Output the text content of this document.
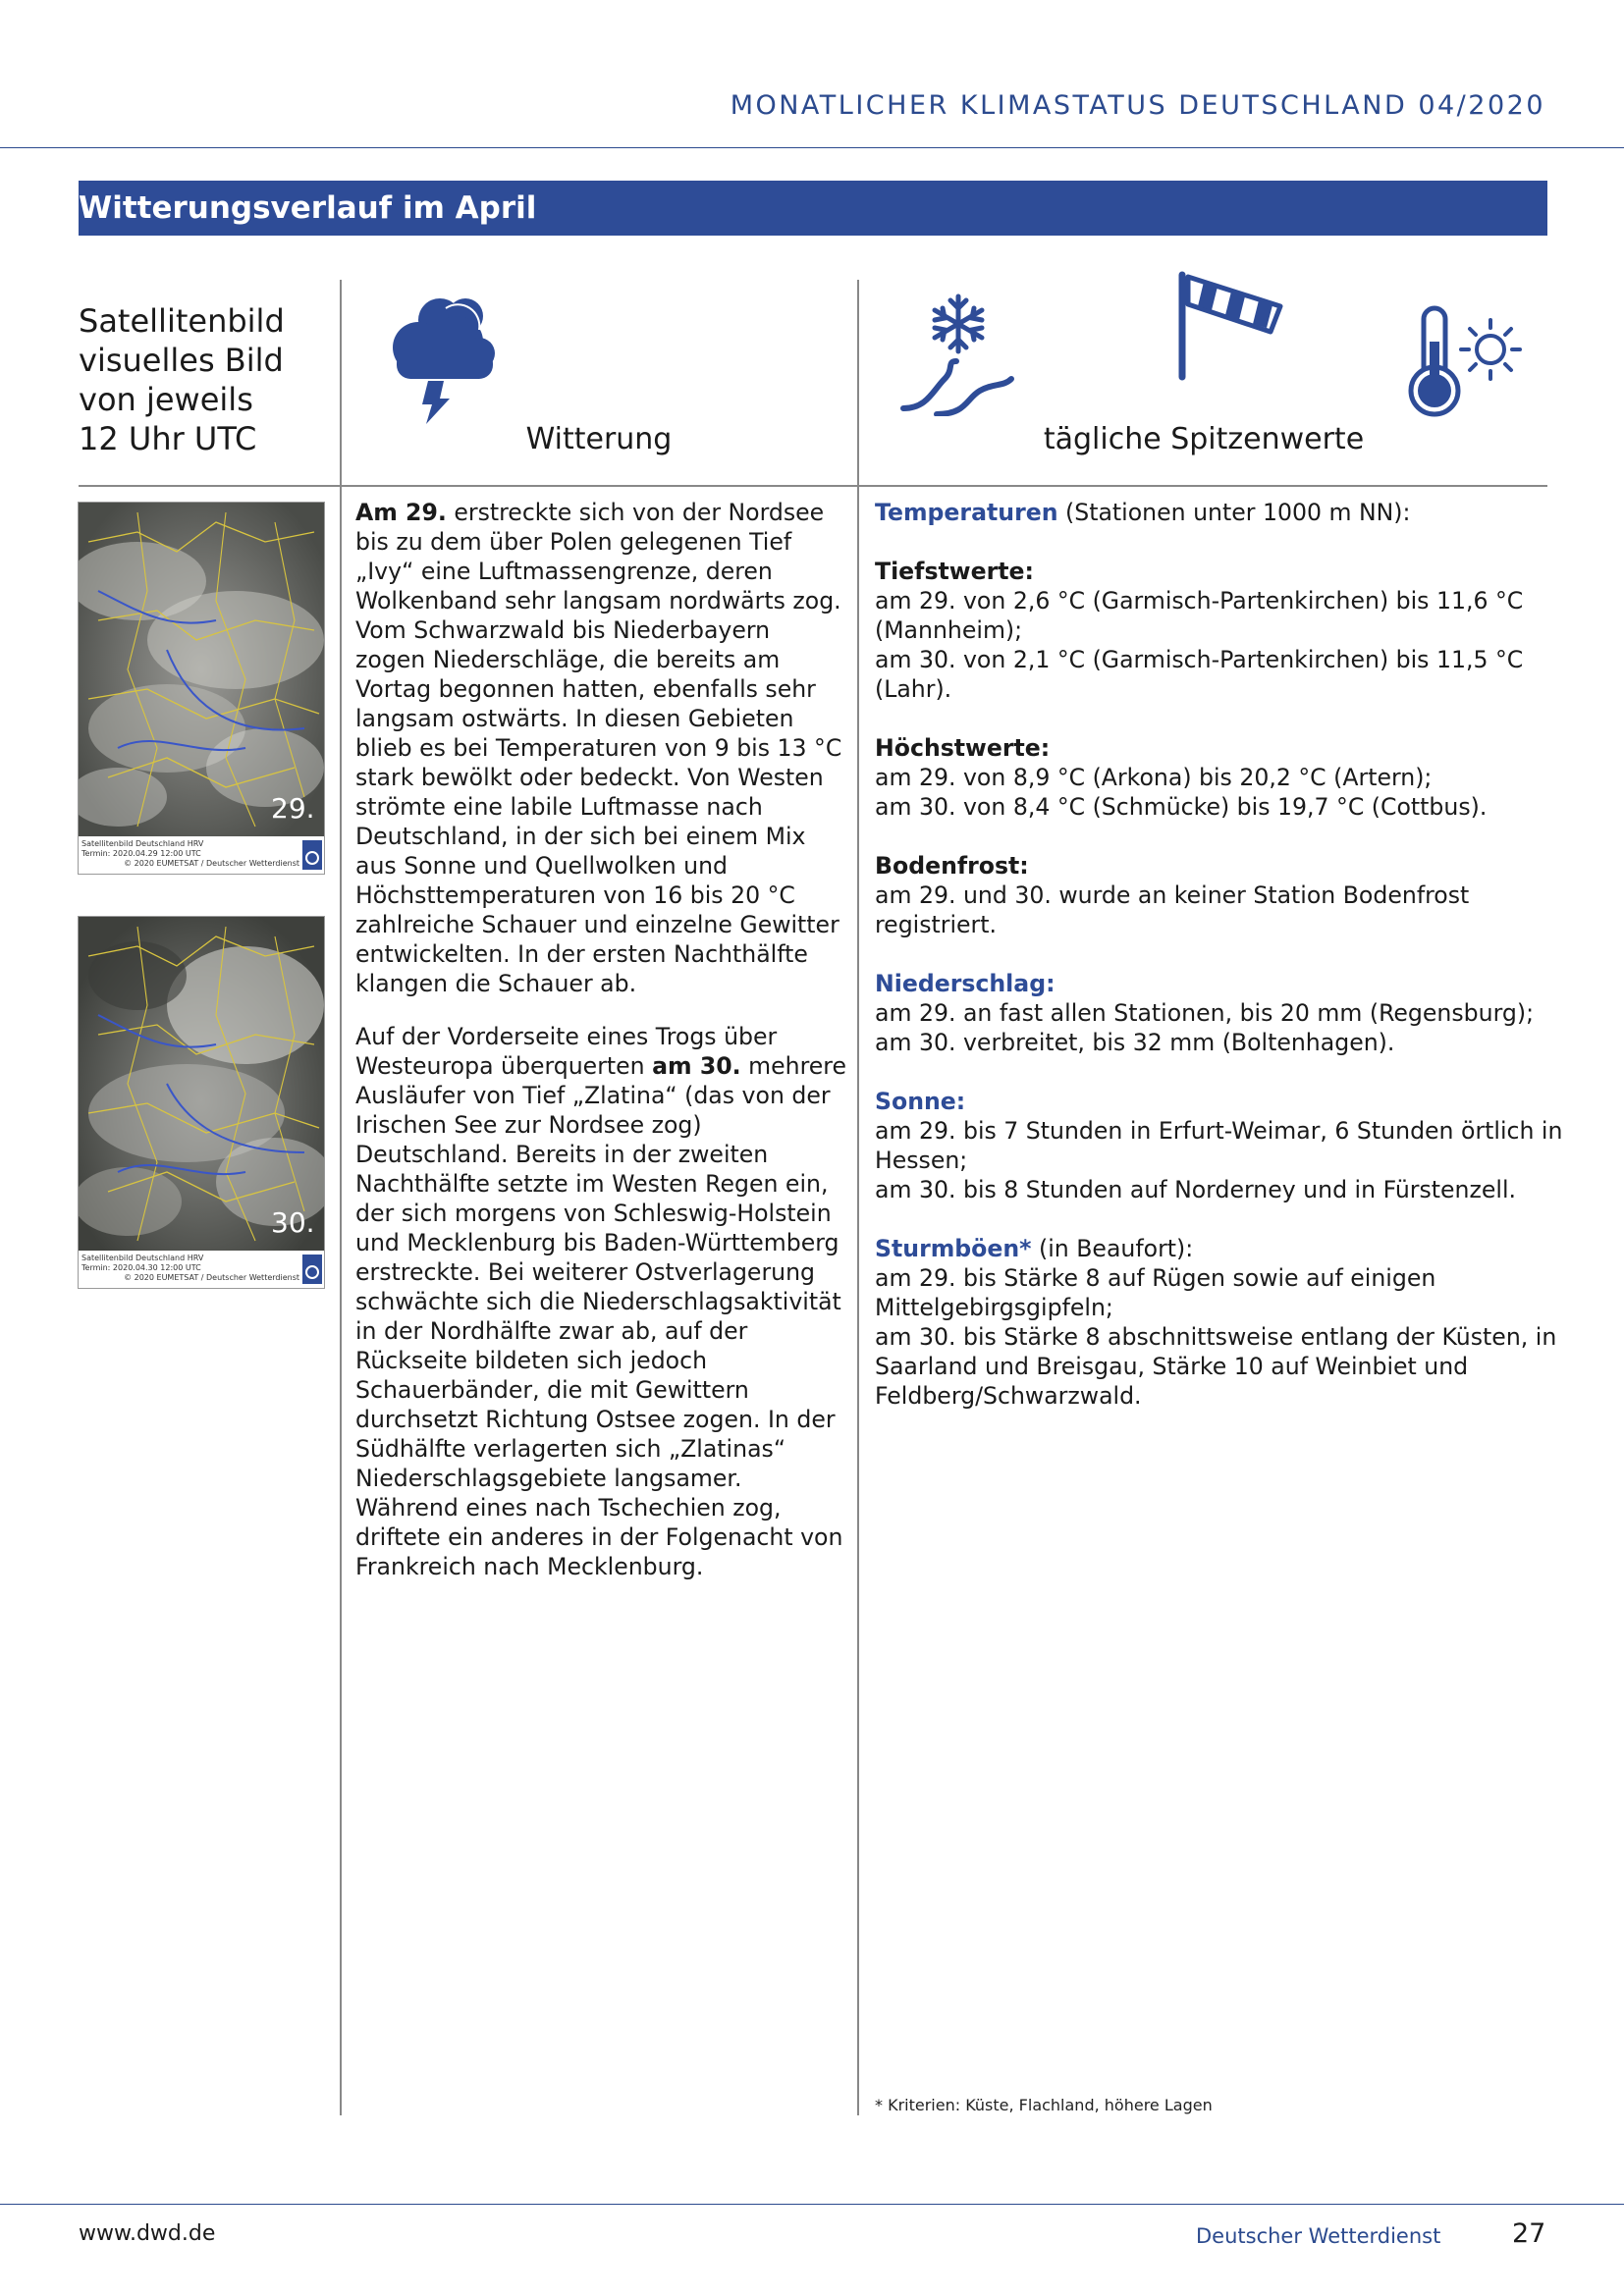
MONATLICHER KLIMASTATUS DEUTSCHLAND 04/2020
Witterungsverlauf im April
Satellitenbild
visuelles Bild
von jeweils
12 Uhr UTC	Witterung	tägliche Spitzenwerte
29.
Satellitenbild Deutschland HRV
Termin: 2020.04.29 12:00 UTC
© 2020 EUMETSAT / Deutscher Wetterdienst
30.
Satellitenbild Deutschland HRV
Termin: 2020.04.30 12:00 UTC
© 2020 EUMETSAT / Deutscher Wetterdienst

Am 29. erstreckte sich von der Nordsee bis zu dem über Polen gelegenen Tief „Ivy“ eine Luftmassengrenze, deren Wolkenband sehr langsam nordwärts zog. Vom Schwarzwald bis Niederbayern zogen Niederschläge, die bereits am Vortag begonnen hatten, ebenfalls sehr langsam ostwärts. In diesen Gebieten blieb es bei Temperaturen von 9 bis 13 °C stark bewölkt oder bedeckt. Von Westen strömte eine labile Luftmasse nach Deutschland, in der sich bei einem Mix aus Sonne und Quellwolken und Höchsttemperaturen von 16 bis 20 °C zahlreiche Schauer und einzelne Gewitter entwickelten. In der ersten Nachthälfte klangen die Schauer ab.

Auf der Vorderseite eines Trogs über Westeuropa überquerten am 30. mehrere Ausläufer von Tief „Zlatina“ (das von der Irischen See zur Nordsee zog) Deutschland. Bereits in der zweiten Nachthälfte setzte im Westen Regen ein, der sich morgens von Schleswig-Holstein und Mecklenburg bis Baden-Württemberg erstreckte. Bei weiterer Ostverlagerung schwächte sich die Niederschlagsaktivität in der Nordhälfte zwar ab, auf der Rückseite bildeten sich jedoch Schauerbänder, die mit Gewittern durchsetzt Richtung Ostsee zogen. In der Südhälfte verlagerten sich „Zlatinas“ Niederschlagsgebiete langsamer. Während eines nach Tschechien zog, driftete ein anderes in der Folgenacht von Frankreich nach Mecklenburg.

Temperaturen (Stationen unter 1000 m NN):
Tiefstwerte:
am 29. von 2,6 °C (Garmisch-Partenkirchen) bis 11,6 °C
(Mannheim);
am 30. von 2,1 °C (Garmisch-Partenkirchen) bis 11,5 °C
(Lahr).
Höchstwerte:
am 29. von 8,9 °C (Arkona) bis 20,2 °C (Artern);
am 30. von 8,4 °C (Schmücke) bis 19,7 °C (Cottbus).
Bodenfrost:
am 29. und 30. wurde an keiner Station Bodenfrost
registriert.
Niederschlag:
am 29. an fast allen Stationen, bis 20 mm (Regensburg);
am 30. verbreitet, bis 32 mm (Boltenhagen).
Sonne:
am 29. bis 7 Stunden in Erfurt-Weimar, 6 Stunden örtlich in
Hessen;
am 30. bis 8 Stunden auf Norderney und in Fürstenzell.
Sturmböen* (in Beaufort):
am 29. bis Stärke 8 auf Rügen sowie auf einigen
Mittelgebirgsgipfeln;
am 30. bis Stärke 8 abschnittsweise entlang der Küsten, in
Saarland und Breisgau, Stärke 10 auf Weinbiet und
Feldberg/Schwarzwald.
* Kriterien: Küste, Flachland, höhere Lagen
www.dwd.de	Deutscher Wetterdienst	27
